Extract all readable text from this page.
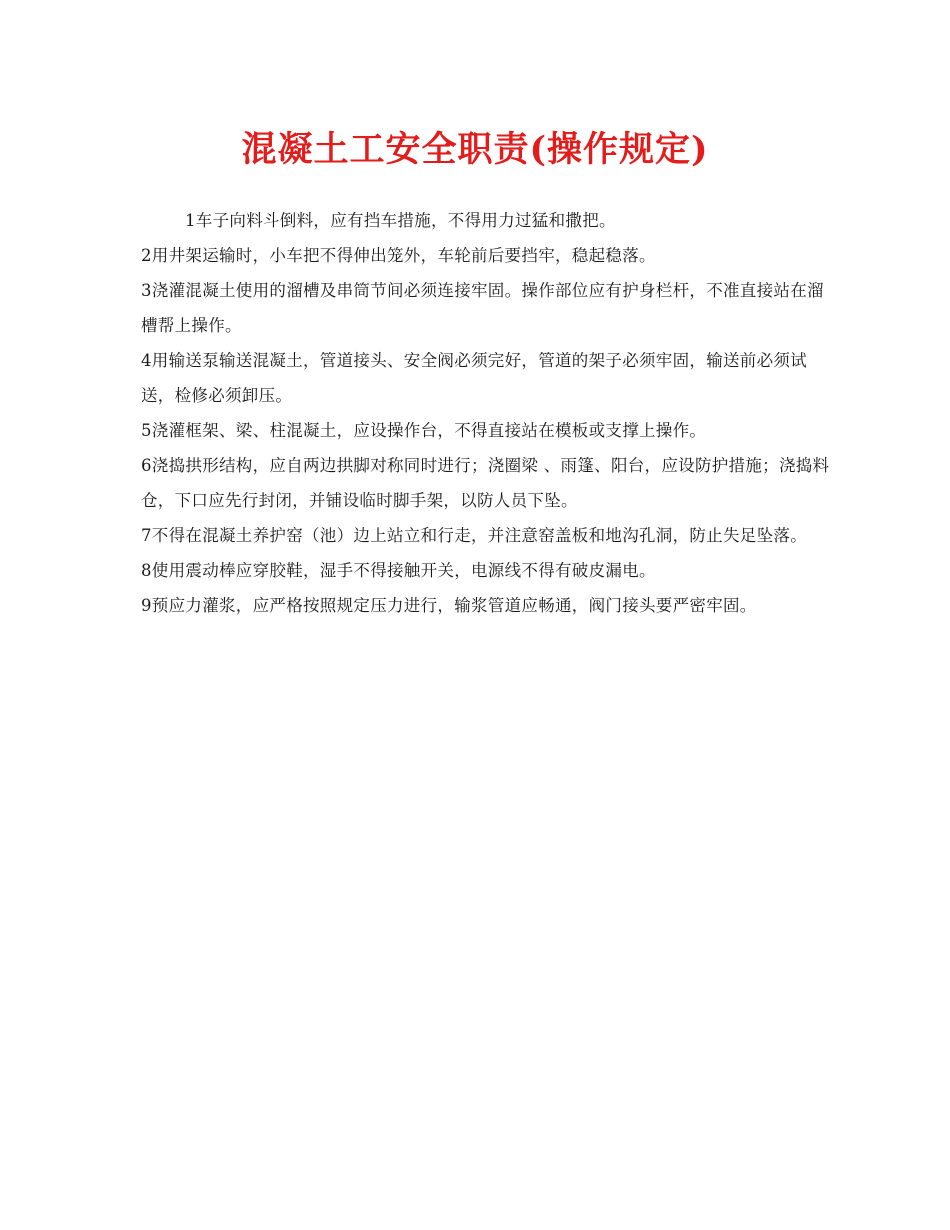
混凝土工安全职责(操作规定)

1车子向料斗倒料，应有挡车措施，不得用力过猛和撒把。

2用井架运输时，小车把不得伸出笼外，车轮前后要挡牢，稳起稳落。

3浇灌混凝土使用的溜槽及串筒节间必须连接牢固。操作部位应有护身栏杆，不准直接站在溜槽帮上操作。

4用输送泵输送混凝土，管道接头、安全阀必须完好，管道的架子必须牢固，输送前必须试送，检修必须卸压。

5浇灌框架、梁、柱混凝土，应设操作台，不得直接站在模板或支撑上操作。

6浇捣拱形结构，应自两边拱脚对称同时进行；浇圈梁 、雨篷、阳台，应设防护措施；浇捣料仓，下口应先行封闭，并铺设临时脚手架，以防人员下坠。

7不得在混凝土养护窑（池）边上站立和行走，并注意窑盖板和地沟孔洞，防止失足坠落。

8使用震动棒应穿胶鞋，湿手不得接触开关，电源线不得有破皮漏电。

9预应力灌浆，应严格按照规定压力进行，输浆管道应畅通，阀门接头要严密牢固。
